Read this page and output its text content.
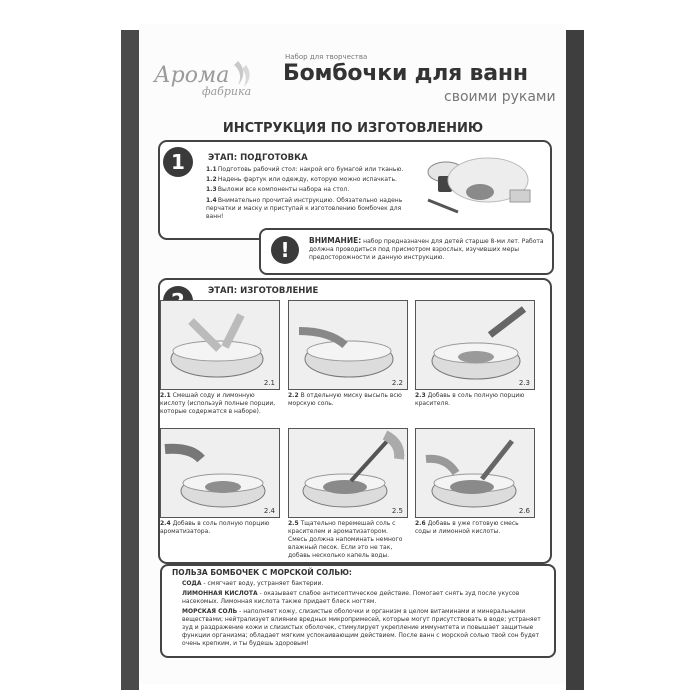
Арома
фабрика
Набор для творчества
Бомбочки для ванн
своими руками
ИНСТРУКЦИЯ ПО ИЗГОТОВЛЕНИЮ
1	ЭТАП: ПОДГОТОВКА
1.1 Подготовь рабочий стол: накрой его бумагой или тканью.
1.2 Надень фартук или одежду, которую можно испачкать.
1.3 Выложи все компоненты набора на стол.
1.4 Внимательно прочитай инструкцию. Обязательно надень перчатки и маску и приступай к изготовлению бомбочек для ванн!
!	ВНИМАНИЕ: набор предназначен для детей старше 8-ми лет. Работа должна проводиться под присмотром взрослых, изучивших меры предосторожности и данную инструкцию.
ЭТАП: ИЗГОТОВЛЕНИЕ
2.1	2.2	2.3
2.1 Смешай соду и лимонную кислоту (используй полные порции, которые содержатся в наборе).
2.2 В отдельную миску высыпь всю морскую соль.
2.3 Добавь в соль полную порцию красителя.
2.4	2.5	2.6
2.4 Добавь в соль полную порцию ароматизатора.
2.5 Тщательно перемешай соль с красителем и ароматизатором. Смесь должна напоминать немного влажный песок. Если это не так, добавь несколько капель воды.
2.6 Добавь в уже готовую смесь соды и лимонной кислоты.
ПОЛЬЗА БОМБОЧЕК С МОРСКОЙ СОЛЬЮ:
СОДА - смягчает воду, устраняет бактерии.
ЛИМОННАЯ КИСЛОТА - оказывает слабое антисептическое действие. Помогает снять зуд после укусов насекомых. Лимонная кислота также придает блеск ногтям.
МОРСКАЯ СОЛЬ - наполняет кожу, слизистые оболочки и организм в целом витаминами и минеральными веществами; нейтрализует влияние вредных микропримесей, которые могут присутствовать в воде; устраняет зуд и раздражение кожи и слизистых оболочек, стимулирует укрепление иммунитета и повышает защитные функции организма; обладает мягким успокаивающим действием. После ванн с морской солью твой сон будет очень крепким, и ты будешь здоровым!
